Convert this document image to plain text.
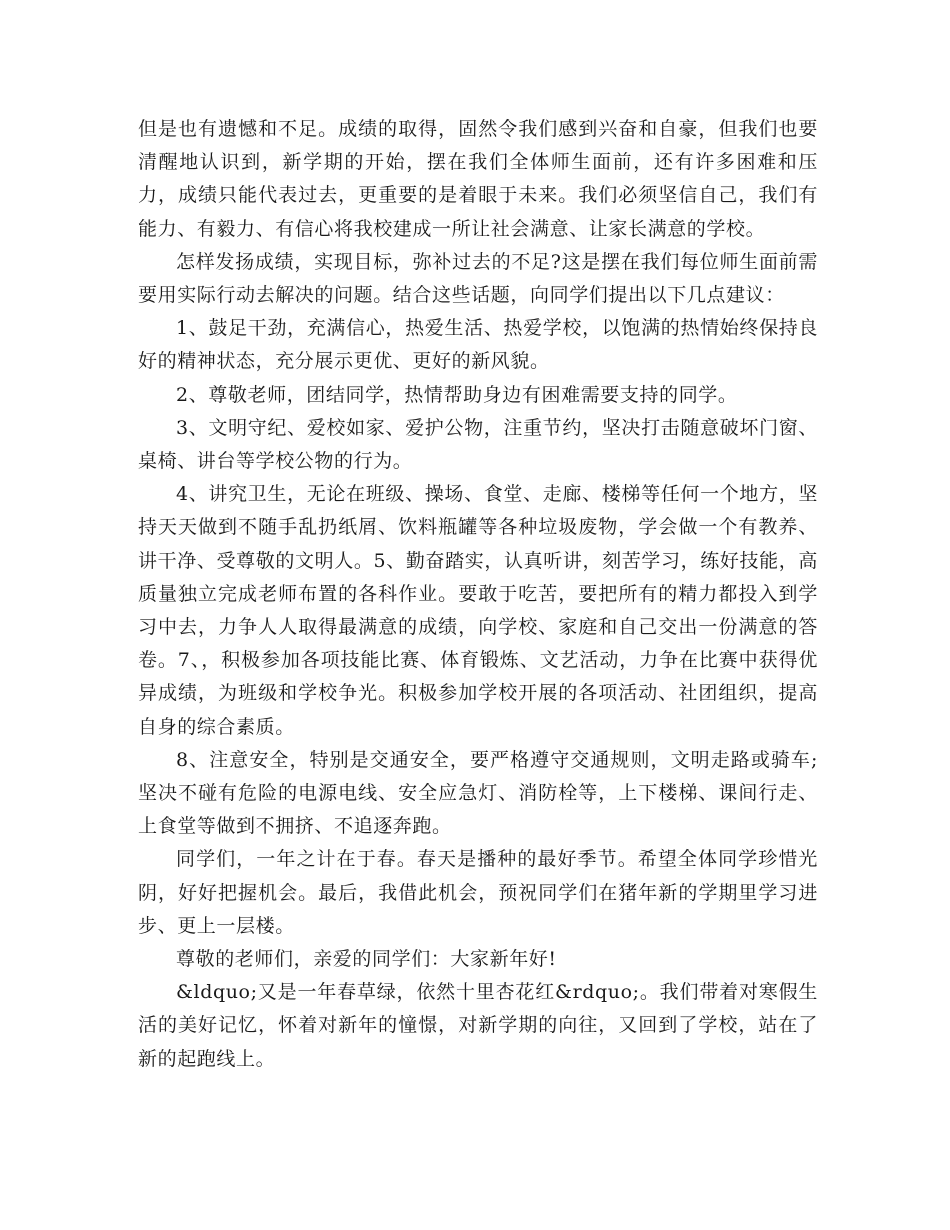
但是也有遗憾和不足。成绩的取得，固然令我们感到兴奋和自豪，但我们也要清醒地认识到，新学期的开始，摆在我们全体师生面前，还有许多困难和压力，成绩只能代表过去，更重要的是着眼于未来。我们必须坚信自己，我们有能力、有毅力、有信心将我校建成一所让社会满意、让家长满意的学校。

怎样发扬成绩，实现目标，弥补过去的不足?这是摆在我们每位师生面前需要用实际行动去解决的问题。结合这些话题，向同学们提出以下几点建议：

1、鼓足干劲，充满信心，热爱生活、热爱学校，以饱满的热情始终保持良好的精神状态，充分展示更优、更好的新风貌。

2、尊敬老师，团结同学，热情帮助身边有困难需要支持的同学。

3、文明守纪、爱校如家、爱护公物，注重节约，坚决打击随意破坏门窗、桌椅、讲台等学校公物的行为。

4、讲究卫生，无论在班级、操场、食堂、走廊、楼梯等任何一个地方，坚持天天做到不随手乱扔纸屑、饮料瓶罐等各种垃圾废物，学会做一个有教养、讲干净、受尊敬的文明人。5、勤奋踏实，认真听讲，刻苦学习，练好技能，高质量独立完成老师布置的各科作业。要敢于吃苦，要把所有的精力都投入到学习中去，力争人人取得最满意的成绩，向学校、家庭和自己交出一份满意的答卷。7、，积极参加各项技能比赛、体育锻炼、文艺活动，力争在比赛中获得优异成绩，为班级和学校争光。积极参加学校开展的各项活动、社团组织，提高自身的综合素质。

8、注意安全，特别是交通安全，要严格遵守交通规则，文明走路或骑车;坚决不碰有危险的电源电线、安全应急灯、消防栓等，上下楼梯、课间行走、上食堂等做到不拥挤、不追逐奔跑。

同学们，一年之计在于春。春天是播种的最好季节。希望全体同学珍惜光阴，好好把握机会。最后，我借此机会，预祝同学们在猪年新的学期里学习进步、更上一层楼。

尊敬的老师们，亲爱的同学们：大家新年好!

&ldquo;又是一年春草绿，依然十里杏花红&rdquo;。我们带着对寒假生活的美好记忆，怀着对新年的憧憬，对新学期的向往，又回到了学校，站在了新的起跑线上。
